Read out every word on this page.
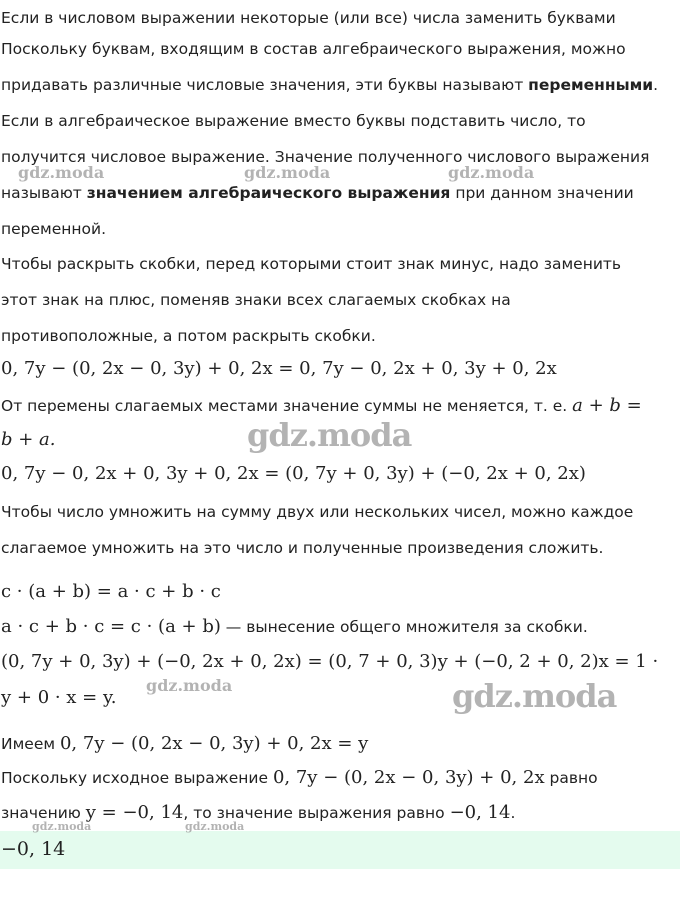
Если в числовом выражении некоторые (или все) числа заменить буквами
Поскольку буквам, входящим в состав алгебраического выражения, можно
придавать различные числовые значения, эти буквы называют переменными.
Если в алгебраическое выражение вместо буквы подставить число, то
получится числовое выражение. Значение полученного числового выражения
называют значением алгебраического выражения при данном значении
переменной.
Чтобы раскрыть скобки, перед которыми стоит знак минус, надо заменить
этот знак на плюс, поменяв знаки всех слагаемых скобках на
противоположные, а потом раскрыть скобки.
0, 7y − (0, 2x − 0, 3y) + 0, 2x = 0, 7y − 0, 2x + 0, 3y + 0, 2x
От перемены слагаемых местами значение суммы не меняется, т. е. a + b =
b + a.
0, 7y − 0, 2x + 0, 3y + 0, 2x = (0, 7y + 0, 3y) + (−0, 2x + 0, 2x)
Чтобы число умножить на сумму двух или нескольких чисел, можно каждое
слагаемое умножить на это число и полученные произведения сложить.
c · (a + b) = a · c + b · c
a · c + b · c = c · (a + b) — вынесение общего множителя за скобки.
(0, 7y + 0, 3y) + (−0, 2x + 0, 2x) = (0, 7 + 0, 3)y + (−0, 2 + 0, 2)x = 1 ·
y + 0 · x = y.
Имеем 0, 7y − (0, 2x − 0, 3y) + 0, 2x = y
Поскольку исходное выражение 0, 7y − (0, 2x − 0, 3y) + 0, 2x равно
значению y = −0, 14, то значение выражения равно −0, 14.
−0, 14
gdz.moda	gdz.moda	gdz.moda
gdz.moda
gdz.moda	gdz.moda
gdz.moda	gdz.moda
